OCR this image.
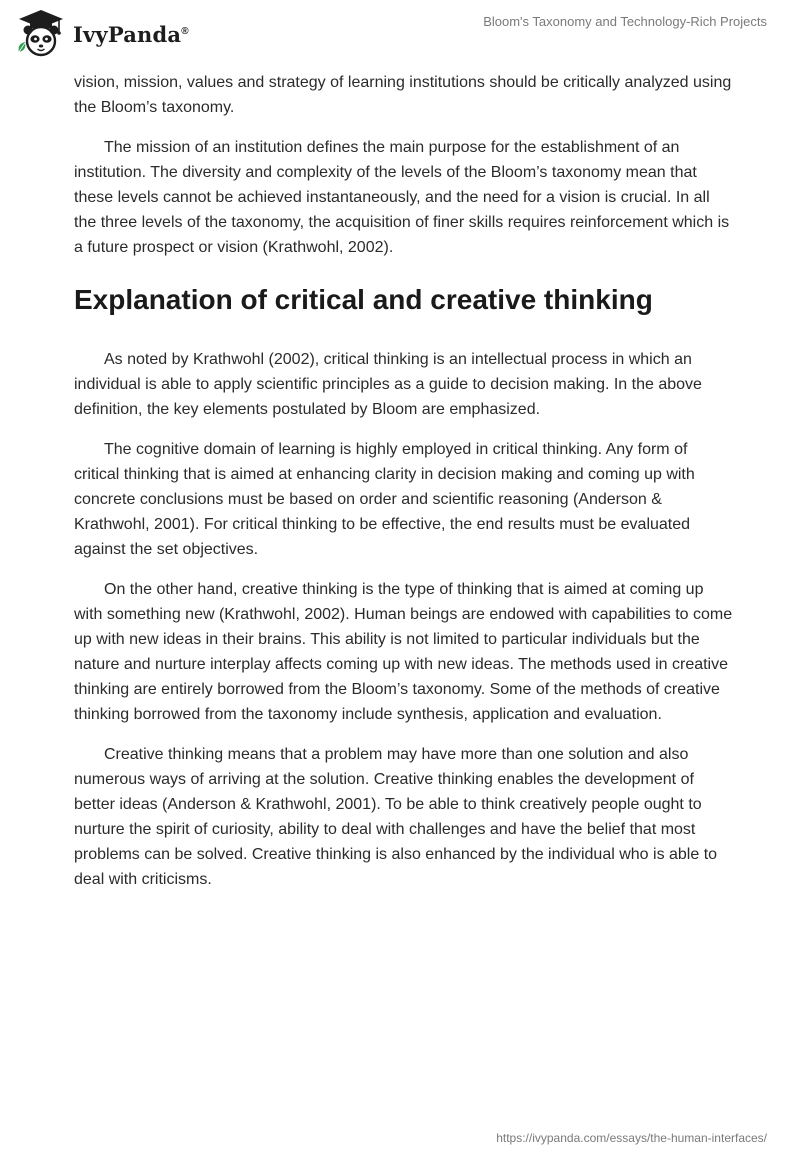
IvyPanda®
Bloom's Taxonomy and Technology-Rich Projects

vision, mission, values and strategy of learning institutions should be critically analyzed using the Bloom’s taxonomy.

The mission of an institution defines the main purpose for the establishment of an institution. The diversity and complexity of the levels of the Bloom’s taxonomy mean that these levels cannot be achieved instantaneously, and the need for a vision is crucial. In all the three levels of the taxonomy, the acquisition of finer skills requires reinforcement which is a future prospect or vision (Krathwohl, 2002).

Explanation of critical and creative thinking

As noted by Krathwohl (2002), critical thinking is an intellectual process in which an individual is able to apply scientific principles as a guide to decision making. In the above definition, the key elements postulated by Bloom are emphasized.

The cognitive domain of learning is highly employed in critical thinking. Any form of critical thinking that is aimed at enhancing clarity in decision making and coming up with concrete conclusions must be based on order and scientific reasoning (Anderson & Krathwohl, 2001). For critical thinking to be effective, the end results must be evaluated against the set objectives.

On the other hand, creative thinking is the type of thinking that is aimed at coming up with something new (Krathwohl, 2002). Human beings are endowed with capabilities to come up with new ideas in their brains. This ability is not limited to particular individuals but the nature and nurture interplay affects coming up with new ideas. The methods used in creative thinking are entirely borrowed from the Bloom’s taxonomy. Some of the methods of creative thinking borrowed from the taxonomy include synthesis, application and evaluation.

Creative thinking means that a problem may have more than one solution and also numerous ways of arriving at the solution. Creative thinking enables the development of better ideas (Anderson & Krathwohl, 2001). To be able to think creatively people ought to nurture the spirit of curiosity, ability to deal with challenges and have the belief that most problems can be solved. Creative thinking is also enhanced by the individual who is able to deal with criticisms.

https://ivypanda.com/essays/the-human-interfaces/
